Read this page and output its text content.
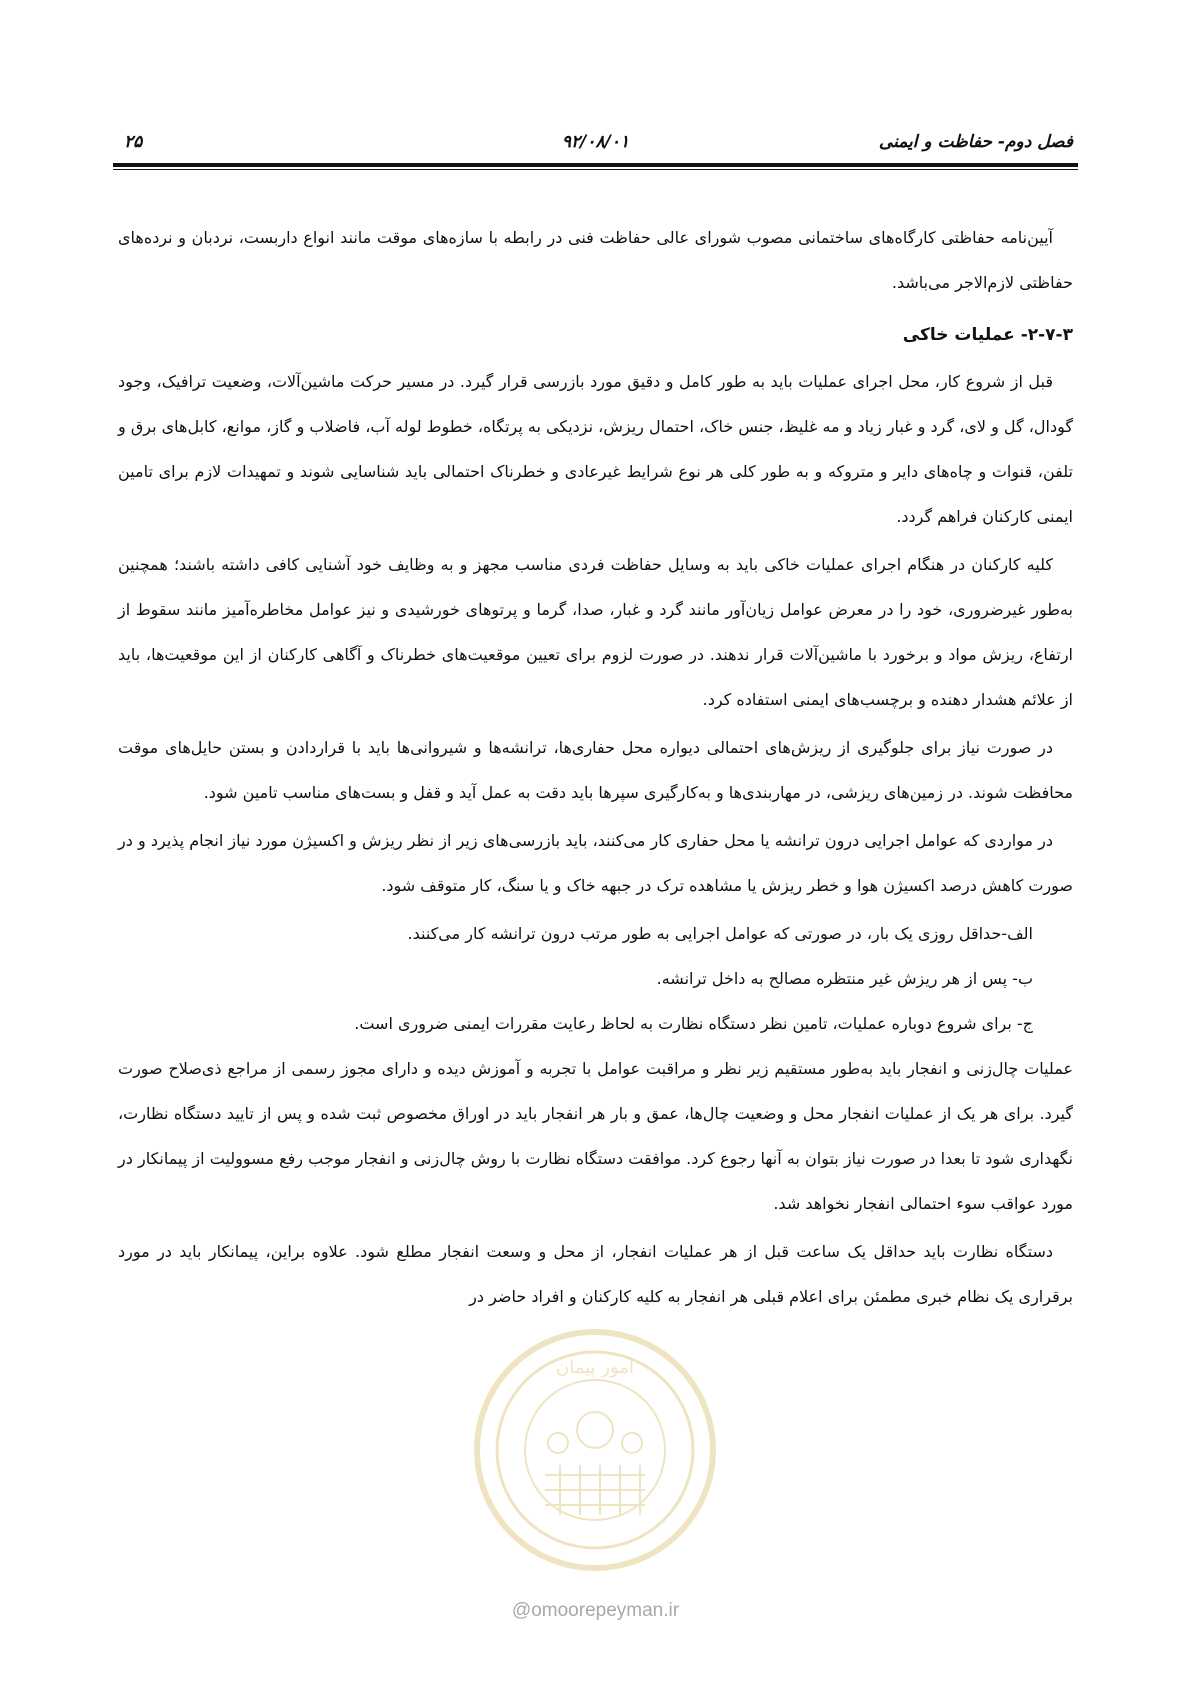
فصل دوم- حفاظت و ایمنی
۹۲/۰۸/۰۱
۲۵

آیین‌نامه حفاظتی کارگاه‌های ساختمانی مصوب شورای عالی حفاظت فنی در رابطه با سازه‌های موقت مانند انواع داربست، نردبان و نرده‌های حفاظتی لازم‌الاجر می‌باشد.

۲-۷-۳- عملیات خاکی

قبل از شروع کار، محل اجرای عملیات باید به طور کامل و دقیق مورد بازرسی قرار گیرد. در مسیر حرکت ماشین‌آلات، وضعیت ترافیک، وجود گودال، گل و لای، گرد و غبار زیاد و مه غلیظ، جنس خاک، احتمال ریزش، نزدیکی به پرتگاه، خطوط لوله آب، فاضلاب و گاز، موانع، کابل‌های برق و تلفن، قنوات و چاه‌های دایر و متروکه و به طور کلی هر نوع شرایط غیرعادی و خطرناک احتمالی باید شناسایی شوند و تمهیدات لازم برای تامین ایمنی کارکنان فراهم گردد.

کلیه کارکنان در هنگام اجرای عملیات خاکی باید به وسایل حفاظت فردی مناسب مجهز و به وظایف خود آشنایی کافی داشته باشند؛ همچنین به‌طور غیرضروری، خود را در معرض عوامل زیان‌آور مانند گرد و غبار، صدا، گرما و پرتوهای خورشیدی و نیز عوامل مخاطره‌آمیز مانند سقوط از ارتفاع، ریزش مواد و برخورد با ماشین‌آلات قرار ندهند. در صورت لزوم برای تعیین موقعیت‌های خطرناک و آگاهی کارکنان از این موقعیت‌ها، باید از علائم هشدار دهنده و برچسب‌های ایمنی استفاده کرد.

در صورت نیاز برای جلوگیری از ریزش‌های احتمالی دیواره محل حفاری‌ها، ترانشه‌ها و شیروانی‌ها باید با قراردادن و بستن حایل‌های موقت محافظت شوند. در زمین‌های ریزشی، در مهاربندی‌ها و به‌کارگیری سپرها باید دقت به عمل آید و قفل و بست‌های مناسب تامین شود.

در مواردی که عوامل اجرایی درون ترانشه یا محل حفاری کار می‌کنند، باید بازرسی‌های زیر از نظر ریزش و اکسیژن مورد نیاز انجام پذیرد و در صورت کاهش درصد اکسیژن هوا و خطر ریزش یا مشاهده ترک در جبهه خاک و یا سنگ، کار متوقف شود.

الف-حداقل روزی یک بار، در صورتی که عوامل اجرایی به طور مرتب درون ترانشه کار می‌کنند.

ب- پس از هر ریزش غیر منتظره مصالح به داخل ترانشه.

ج- برای شروع دوباره عملیات، تامین نظر دستگاه نظارت به لحاظ رعایت مقررات ایمنی ضروری است.

عملیات چال‌زنی و انفجار باید به‌طور مستقیم زیر نظر و مراقبت عوامل با تجربه و آموزش دیده و دارای مجوز رسمی از مراجع ذی‌صلاح صورت گیرد. برای هر یک از عملیات انفجار محل و وضعیت چال‌ها، عمق و بار هر انفجار باید در اوراق مخصوص ثبت شده و پس از تایید دستگاه نظارت، نگهداری شود تا بعدا در صورت نیاز بتوان به آنها رجوع کرد. موافقت دستگاه نظارت با روش چال‌زنی و انفجار موجب رفع مسوولیت از پیمانکار در مورد عواقب سوء احتمالی انفجار نخواهد شد.

دستگاه نظارت باید حداقل یک ساعت قبل از هر عملیات انفجار، از محل و وسعت انفجار مطلع شود. علاوه براین، پیمانکار باید در مورد برقراری یک نظام خبری مطمئن برای اعلام قبلی هر انفجار به کلیه کارکنان و افراد حاضر در

امور پیمان
@omoorepeyman.ir
